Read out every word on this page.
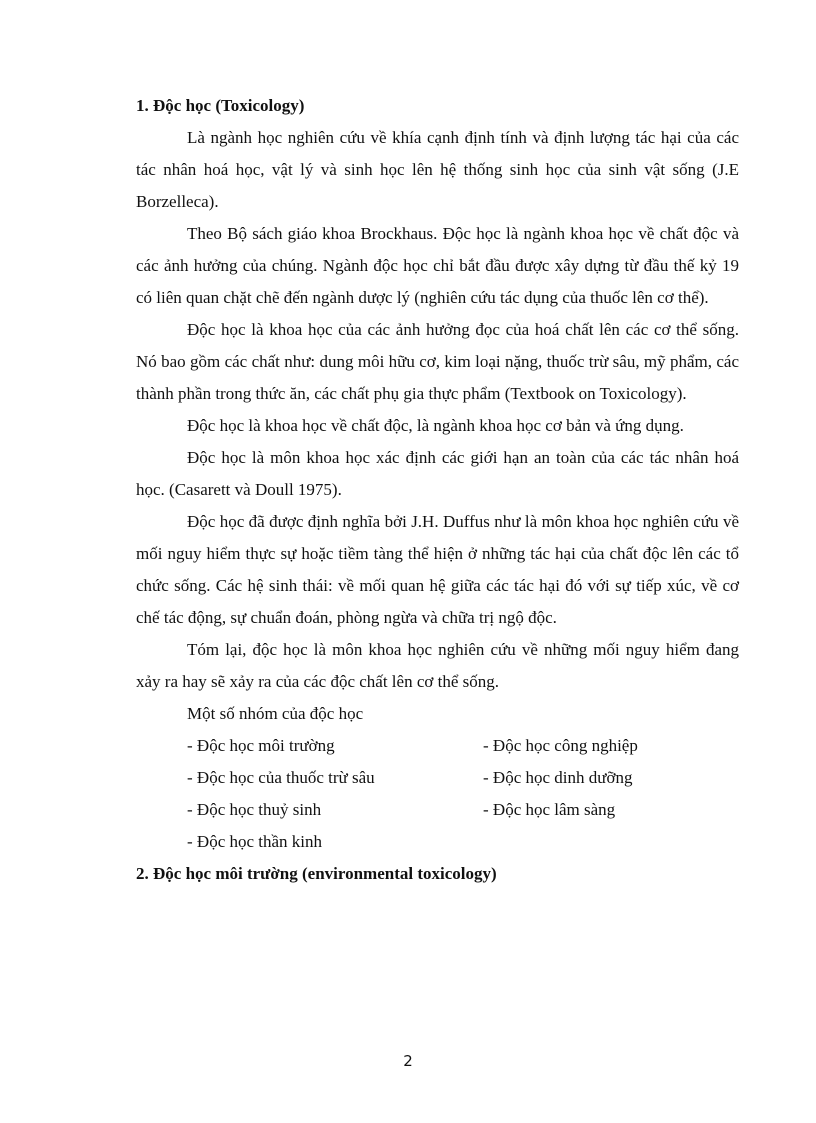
1. Độc học (Toxicology)

Là ngành học nghiên cứu về khía cạnh định tính và định lượng tác hại của các tác nhân hoá học, vật lý và sinh học lên hệ thống sinh học của sinh vật sống (J.E Borzelleca).

Theo Bộ sách giáo khoa Brockhaus. Độc học là ngành khoa học về chất độc và các ảnh hưởng của chúng. Ngành độc học chỉ bắt đầu được xây dựng từ đầu thế kỷ 19 có liên quan chặt chẽ đến ngành dược lý (nghiên cứu tác dụng của thuốc lên cơ thể).

Độc học là khoa học của các ảnh hưởng đọc của hoá chất lên các cơ thể sống. Nó bao gồm các chất như: dung môi hữu cơ, kim loại nặng, thuốc trừ sâu, mỹ phẩm, các thành phần trong thức ăn, các chất phụ gia thực phẩm (Textbook on Toxicology).

Độc học là khoa học về chất độc, là ngành khoa học cơ bản và ứng dụng.

Độc học là môn khoa học xác định các giới hạn an toàn của các tác nhân hoá học. (Casarett và Doull 1975).

Độc học đã được định nghĩa bởi J.H. Duffus như là môn khoa học nghiên cứu về mối nguy hiểm thực sự hoặc tiềm tàng thể hiện ở những tác hại của chất độc lên các tổ chức sống. Các hệ sinh thái: về mối quan hệ giữa các tác hại đó với sự tiếp xúc, về cơ chế tác động, sự chuẩn đoán, phòng ngừa và chữa trị ngộ độc.

Tóm lại, độc học là môn khoa học nghiên cứu về những mối nguy hiểm đang xảy ra hay sẽ xảy ra của các độc chất lên cơ thể sống.

Một số nhóm của độc học

- Độc học môi trường	- Độc học công nghiệp
- Độc học của thuốc trừ sâu	- Độc học dinh dưỡng
- Độc học thuỷ sinh	- Độc học lâm sàng
- Độc học thần kinh

2. Độc học môi trường (environmental toxicology)

2
